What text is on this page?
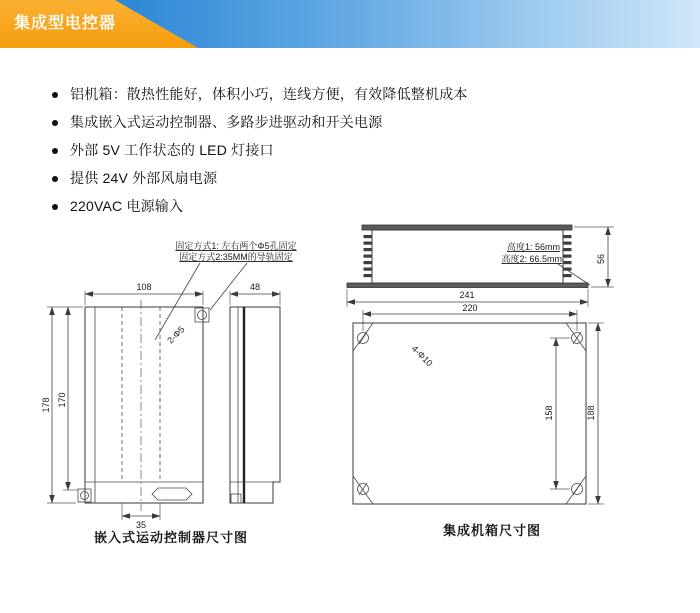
集成型电控器
铝机箱：散热性能好，体积小巧，连线方便，有效降低整机成本
集成嵌入式运动控制器、多路步进驱动和开关电源
外部 5V 工作状态的 LED 灯接口
提供 24V 外部风扇电源
220VAC 电源输入
固定方式1: 左右两个Φ5孔固定
固定方式2:35MM的导轨固定
2-Φ5
108
178 170
35
48
嵌入式运动控制器尺寸图
高度1: 56mm
高度2: 66.5mm	56
241
220
4-Φ10
158	188
集成机箱尺寸图
